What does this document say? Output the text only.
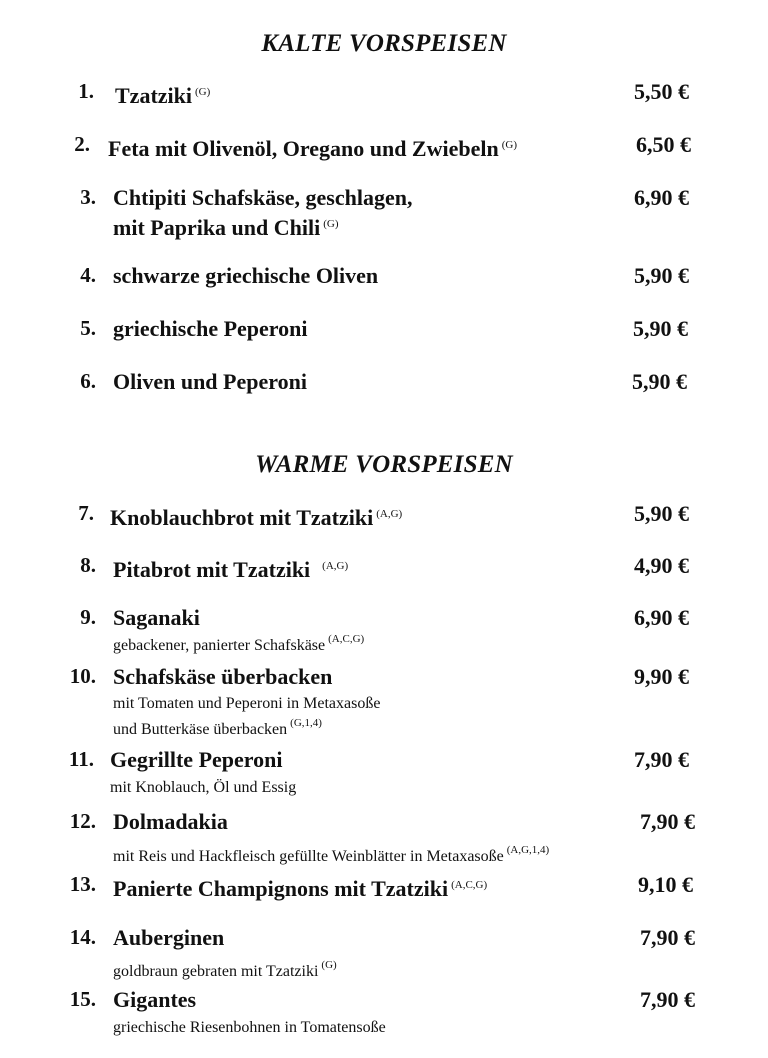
KALTE VORSPEISEN
1. Tzatziki $^{(G)}$	5,50 €
2. Feta mit Olivenöl, Oregano und Zwiebeln $^{(G)}$	6,50 €
3. Chtipiti Schafskäse, geschlagen,
mit Paprika und Chili $^{(G)}$
6,90 €
4. schwarze griechische Oliven	5,90 €
5. griechische Peperoni	5,90 €
6. Oliven und Peperoni	5,90 €
WARME VORSPEISEN
7. Knoblauchbrot mit Tzatziki $^{(A,G)}$	5,90 €
8. Pitabrot mit Tzatziki $^{(A,G)}$	4,90 €
9. Saganaki
gebackener, panierter Schafskäse $^{(A,C,G)}$
6,90 €
10. Schafskäse überbacken
mit Tomaten und Peperoni in Metaxasoße
und Butterkäse überbacken $^{(G,1,4)}$
9,90 €
11. Gegrillte Peperoni
mit Knoblauch, Öl und Essig
7,90 €
12. Dolmadakia
mit Reis und Hackfleisch gefüllte Weinblätter in Metaxasoße $^{(A,G,1,4)}$
7,90 €
13. Panierte Champignons mit Tzatziki $^{(A,C,G)}$	9,10 €
14. Auberginen
goldbraun gebraten mit Tzatziki $^{(G)}$
7,90 €
15. Gigantes
griechische Riesenbohnen in Tomatensoße
7,90 €
